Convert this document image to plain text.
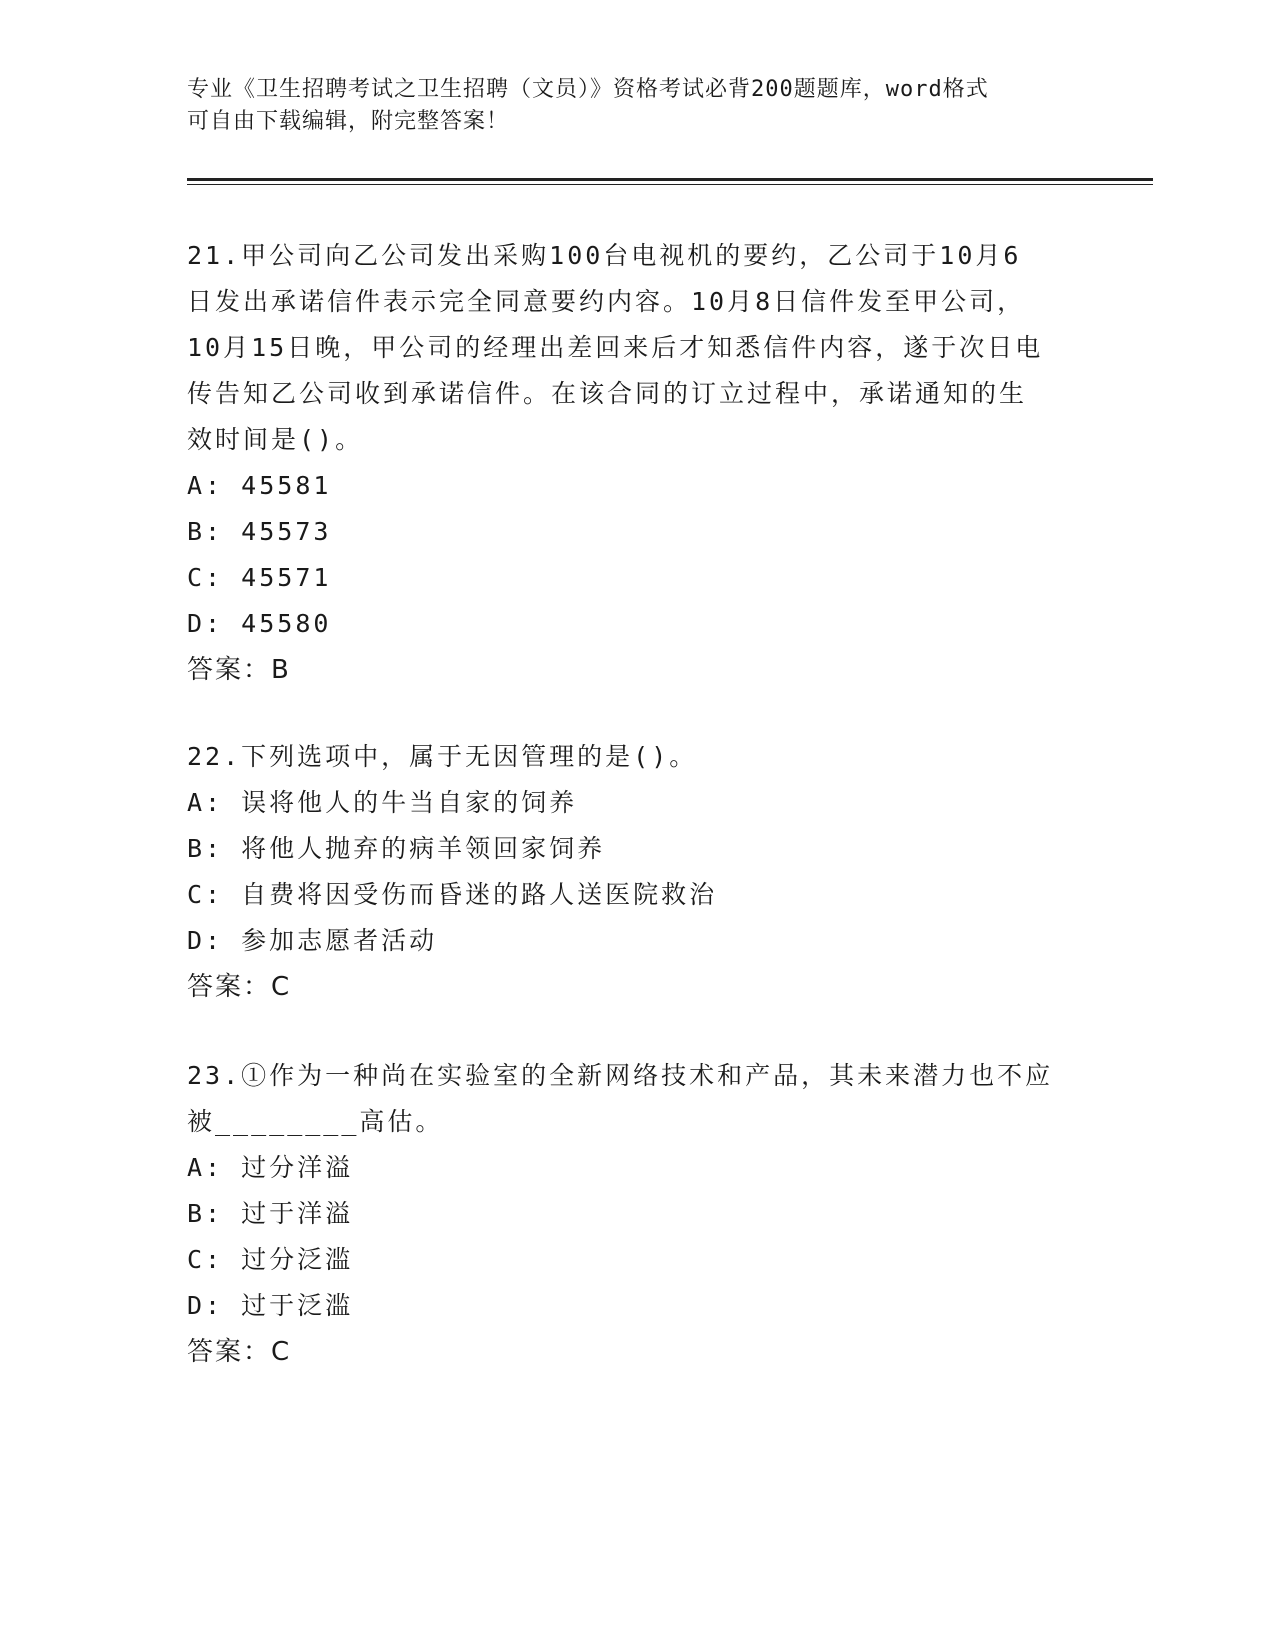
专业《卫生招聘考试之卫生招聘（文员）》资格考试必背200题题库，word格式
可自由下载编辑，附完整答案！
21.甲公司向乙公司发出采购100台电视机的要约，乙公司于10月6
日发出承诺信件表示完全同意要约内容。10月8日信件发至甲公司，
10月15日晚，甲公司的经理出差回来后才知悉信件内容，遂于次日电
传告知乙公司收到承诺信件。在该合同的订立过程中，承诺通知的生
效时间是()。
A: 45581
B: 45573
C: 45571
D: 45580
答案：B
22.下列选项中，属于无因管理的是()。
A: 误将他人的牛当自家的饲养
B: 将他人抛弃的病羊领回家饲养
C: 自费将因受伤而昏迷的路人送医院救治
D: 参加志愿者活动
答案：C
23.①作为一种尚在实验室的全新网络技术和产品，其未来潜力也不应
被________高估。
A: 过分洋溢
B: 过于洋溢
C: 过分泛滥
D: 过于泛滥
答案：C
